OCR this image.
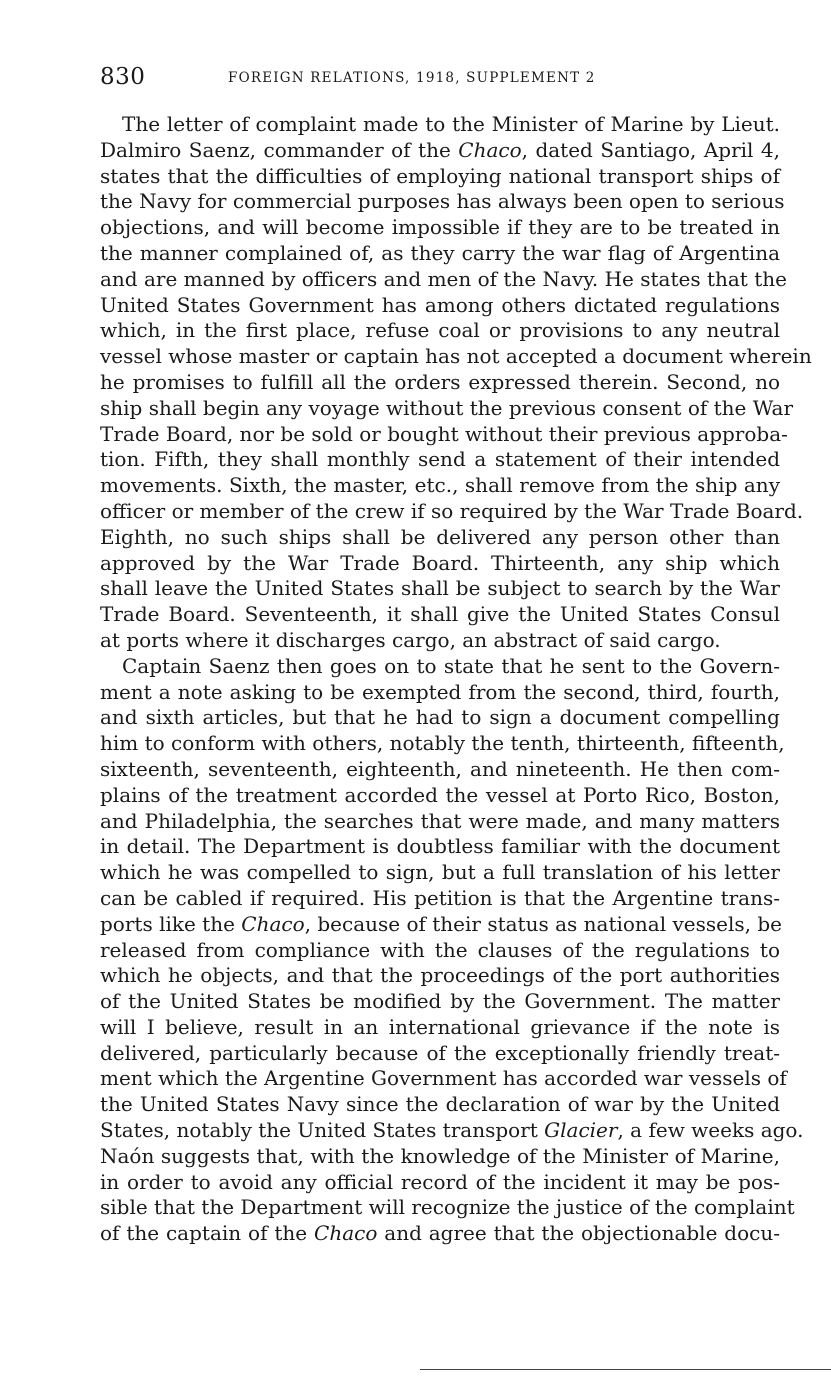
830	FOREIGN RELATIONS, 1918, SUPPLEMENT 2
The letter of complaint made to the Minister of Marine by Lieut.
Dalmiro Saenz, commander of the Chaco, dated Santiago, April 4,
states that the difficulties of employing national transport ships of
the Navy for commercial purposes has always been open to serious
objections, and will become impossible if they are to be treated in
the manner complained of, as they carry the war flag of Argentina
and are manned by officers and men of the Navy. He states that the
United States Government has among others dictated regulations
which, in the first place, refuse coal or provisions to any neutral
vessel whose master or captain has not accepted a document wherein
he promises to fulfill all the orders expressed therein. Second, no
ship shall begin any voyage without the previous consent of the War
Trade Board, nor be sold or bought without their previous approba-
tion. Fifth, they shall monthly send a statement of their intended
movements. Sixth, the master, etc., shall remove from the ship any
officer or member of the crew if so required by the War Trade Board.
Eighth, no such ships shall be delivered any person other than
approved by the War Trade Board. Thirteenth, any ship which
shall leave the United States shall be subject to search by the War
Trade Board. Seventeenth, it shall give the United States Consul
at ports where it discharges cargo, an abstract of said cargo.
Captain Saenz then goes on to state that he sent to the Govern-
ment a note asking to be exempted from the second, third, fourth,
and sixth articles, but that he had to sign a document compelling
him to conform with others, notably the tenth, thirteenth, fifteenth,
sixteenth, seventeenth, eighteenth, and nineteenth. He then com-
plains of the treatment accorded the vessel at Porto Rico, Boston,
and Philadelphia, the searches that were made, and many matters
in detail. The Department is doubtless familiar with the document
which he was compelled to sign, but a full translation of his letter
can be cabled if required. His petition is that the Argentine trans-
ports like the Chaco, because of their status as national vessels, be
released from compliance with the clauses of the regulations to
which he objects, and that the proceedings of the port authorities
of the United States be modified by the Government. The matter
will I believe, result in an international grievance if the note is
delivered, particularly because of the exceptionally friendly treat-
ment which the Argentine Government has accorded war vessels of
the United States Navy since the declaration of war by the United
States, notably the United States transport Glacier, a few weeks ago.
Naón suggests that, with the knowledge of the Minister of Marine,
in order to avoid any official record of the incident it may be pos-
sible that the Department will recognize the justice of the complaint
of the captain of the Chaco and agree that the objectionable docu-
